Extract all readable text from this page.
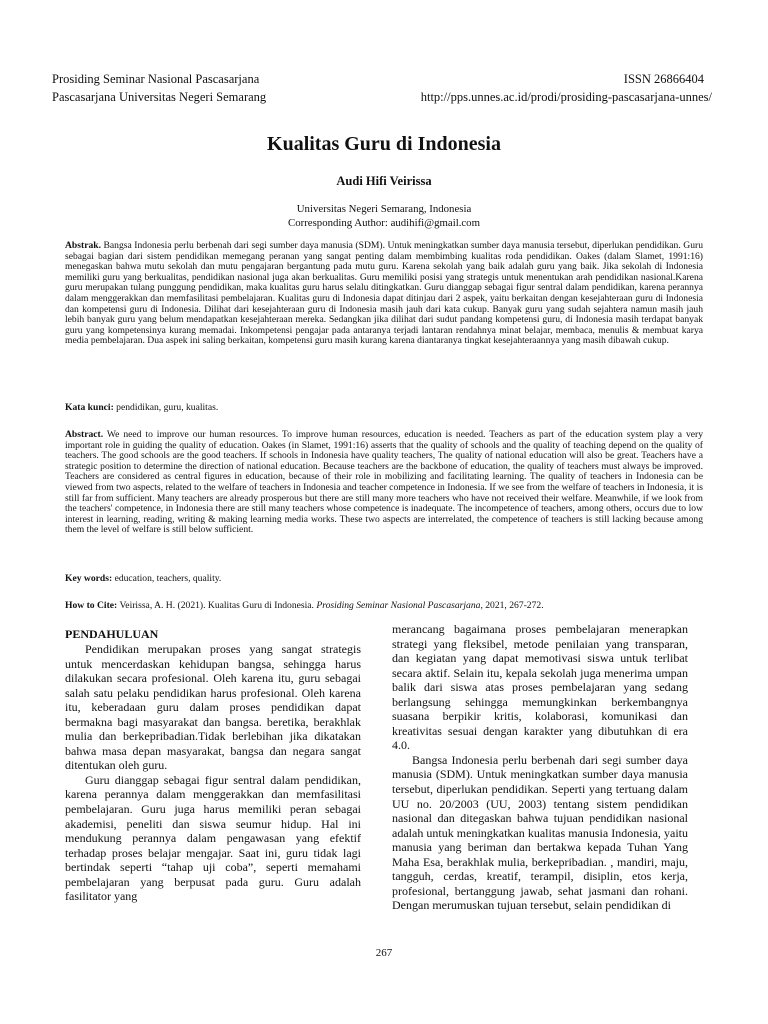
Prosiding Seminar Nasional Pascasarjana
Pascasarjana Universitas Negeri Semarang
ISSN 26866404
http://pps.unnes.ac.id/prodi/prosiding-pascasarjana-unnes/
Kualitas Guru di Indonesia
Audi Hifi Veirissa
Universitas Negeri Semarang, Indonesia
Corresponding Author: audihifi@gmail.com
Abstrak. Bangsa Indonesia perlu berbenah dari segi sumber daya manusia (SDM). Untuk meningkatkan sumber daya manusia tersebut, diperlukan pendidikan. Guru sebagai bagian dari sistem pendidikan memegang peranan yang sangat penting dalam membimbing kualitas roda pendidikan. Oakes (dalam Slamet, 1991:16) menegaskan bahwa mutu sekolah dan mutu pengajaran bergantung pada mutu guru. Karena sekolah yang baik adalah guru yang baik. Jika sekolah di Indonesia memiliki guru yang berkualitas, pendidikan nasional juga akan berkualitas. Guru memiliki posisi yang strategis untuk menentukan arah pendidikan nasional.Karena guru merupakan tulang punggung pendidikan, maka kualitas guru harus selalu ditingkatkan. Guru dianggap sebagai figur sentral dalam pendidikan, karena perannya dalam menggerakkan dan memfasilitasi pembelajaran. Kualitas guru di Indonesia dapat ditinjau dari 2 aspek, yaitu berkaitan dengan kesejahteraan guru di Indonesia dan kompetensi guru di Indonesia. Dilihat dari kesejahteraan guru di Indonesia masih jauh dari kata cukup. Banyak guru yang sudah sejahtera namun masih jauh lebih banyak guru yang belum mendapatkan kesejahteraan mereka. Sedangkan jika dilihat dari sudut pandang kompetensi guru, di Indonesia masih terdapat banyak guru yang kompetensinya kurang memadai. Inkompetensi pengajar pada antaranya terjadi lantaran rendahnya minat belajar, membaca, menulis & membuat karya media pembelajaran. Dua aspek ini saling berkaitan, kompetensi guru masih kurang karena diantaranya tingkat kesejahteraannya yang masih dibawah cukup.
Kata kunci: pendidikan, guru, kualitas.
Abstract. We need to improve our human resources. To improve human resources, education is needed. Teachers as part of the education system play a very important role in guiding the quality of education. Oakes (in Slamet, 1991:16) asserts that the quality of schools and the quality of teaching depend on the quality of teachers. The good schools are the good teachers. If schools in Indonesia have quality teachers, The quality of national education will also be great. Teachers have a strategic position to determine the direction of national education. Because teachers are the backbone of education, the quality of teachers must always be improved. Teachers are considered as central figures in education, because of their role in mobilizing and facilitating learning. The quality of teachers in Indonesia can be viewed from two aspects, related to the welfare of teachers in Indonesia and teacher competence in Indonesia. If we see from the welfare of teachers in Indonesia, it is still far from sufficient. Many teachers are already prosperous but there are still many more teachers who have not received their welfare. Meanwhile, if we look from the teachers' competence, in Indonesia there are still many teachers whose competence is inadequate. The incompetence of teachers, among others, occurs due to low interest in learning, reading, writing & making learning media works. These two aspects are interrelated, the competence of teachers is still lacking because among them the level of welfare is still below sufficient.
Key words: education, teachers, quality.
How to Cite: Veirissa, A. H. (2021). Kualitas Guru di Indonesia. Prosiding Seminar Nasional Pascasarjana, 2021, 267-272.
PENDAHULUAN

Pendidikan merupakan proses yang sangat strategis untuk mencerdaskan kehidupan bangsa, sehingga harus dilakukan secara profesional. Oleh karena itu, guru sebagai salah satu pelaku pendidikan harus profesional. Oleh karena itu, keberadaan guru dalam proses pendidikan dapat bermakna bagi masyarakat dan bangsa. beretika, berakhlak mulia dan berkepribadian.Tidak berlebihan jika dikatakan bahwa masa depan masyarakat, bangsa dan negara sangat ditentukan oleh guru.

Guru dianggap sebagai figur sentral dalam pendidikan, karena perannya dalam menggerakkan dan memfasilitasi pembelajaran. Guru juga harus memiliki peran sebagai akademisi, peneliti dan siswa seumur hidup. Hal ini mendukung perannya dalam pengawasan yang efektif terhadap proses belajar mengajar. Saat ini, guru tidak lagi bertindak seperti “tahap uji coba”, seperti memahami pembelajaran yang berpusat pada guru. Guru adalah fasilitator yang

merancang bagaimana proses pembelajaran menerapkan strategi yang fleksibel, metode penilaian yang transparan, dan kegiatan yang dapat memotivasi siswa untuk terlibat secara aktif. Selain itu, kepala sekolah juga menerima umpan balik dari siswa atas proses pembelajaran yang sedang berlangsung sehingga memungkinkan berkembangnya suasana berpikir kritis, kolaborasi, komunikasi dan kreativitas sesuai dengan karakter yang dibutuhkan di era 4.0.

Bangsa Indonesia perlu berbenah dari segi sumber daya manusia (SDM). Untuk meningkatkan sumber daya manusia tersebut, diperlukan pendidikan. Seperti yang tertuang dalam UU no. 20/2003 (UU, 2003) tentang sistem pendidikan nasional dan ditegaskan bahwa tujuan pendidikan nasional adalah untuk meningkatkan kualitas manusia Indonesia, yaitu manusia yang beriman dan bertakwa kepada Tuhan Yang Maha Esa, berakhlak mulia, berkepribadian. , mandiri, maju, tangguh, cerdas, kreatif, terampil, disiplin, etos kerja, profesional, bertanggung jawab, sehat jasmani dan rohani. Dengan merumuskan tujuan tersebut, selain pendidikan di

267
